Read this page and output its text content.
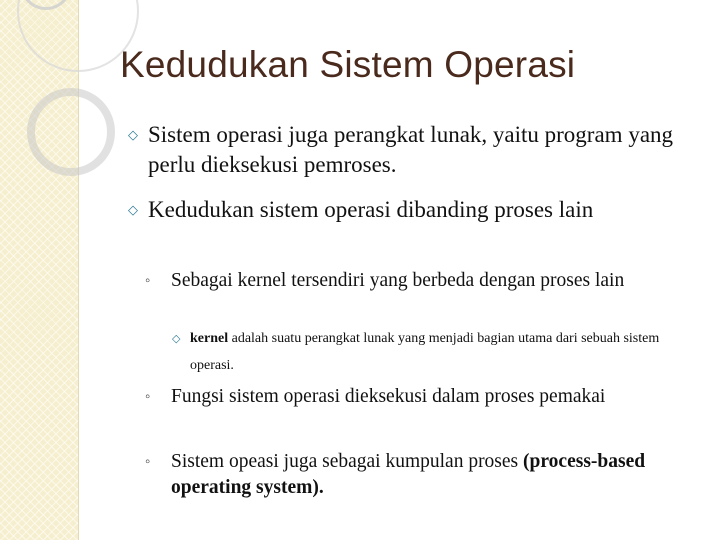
Kedudukan Sistem Operasi
◇ Sistem operasi juga perangkat lunak, yaitu program yang perlu dieksekusi pemroses.
◇ Kedudukan sistem operasi dibanding proses lain
◦ Sebagai kernel tersendiri yang berbeda dengan proses lain
◇ kernel adalah suatu perangkat lunak yang menjadi bagian utama dari sebuah sistem operasi.
◦ Fungsi sistem operasi dieksekusi dalam proses pemakai
◦ Sistem opeasi juga sebagai kumpulan proses (process-based operating system).
